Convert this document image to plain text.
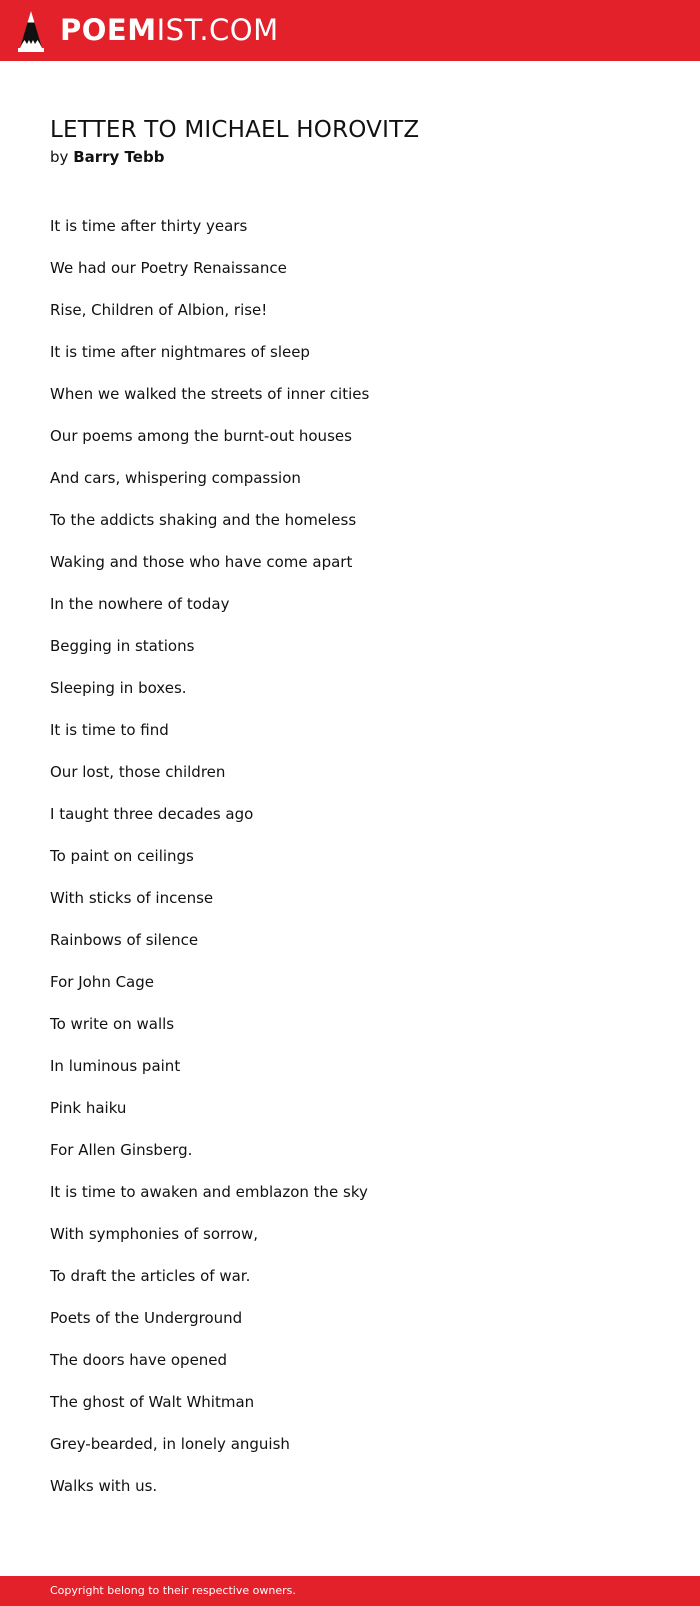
POEMIST.COM
LETTER TO MICHAEL HOROVITZ
by Barry Tebb
It is time after thirty years
We had our Poetry Renaissance
Rise, Children of Albion, rise!
It is time after nightmares of sleep
When we walked the streets of inner cities
Our poems among the burnt-out houses
And cars, whispering compassion
To the addicts shaking and the homeless
Waking and those who have come apart
In the nowhere of today
Begging in stations
Sleeping in boxes.
It is time to find
Our lost, those children
I taught three decades ago
To paint on ceilings
With sticks of incense
Rainbows of silence
For John Cage
To write on walls
In luminous paint
Pink haiku
For Allen Ginsberg.
It is time to awaken and emblazon the sky
With symphonies of sorrow,
To draft the articles of war.
Poets of the Underground
The doors have opened
The ghost of Walt Whitman
Grey-bearded, in lonely anguish
Walks with us.
Copyright belong to their respective owners.
